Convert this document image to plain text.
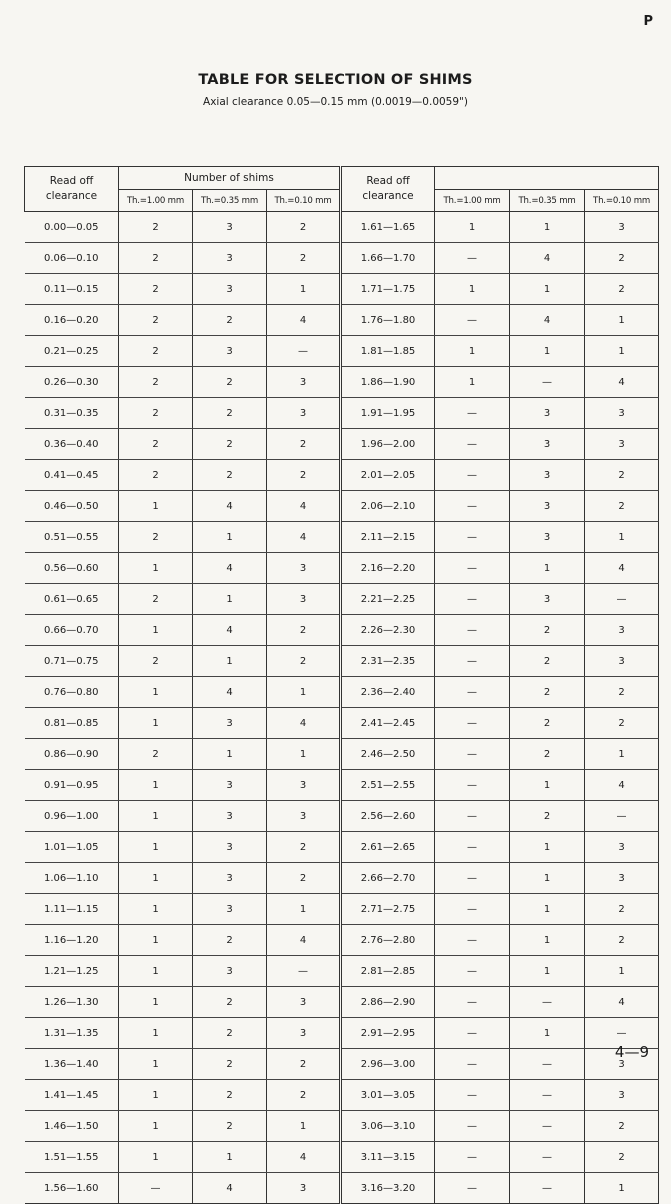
P
TABLE FOR SELECTION OF SHIMS
Axial clearance 0.05—0.15 mm (0.0019—0.0059")
Read off
clearance	Number of shims			Read off
clearance			
	Th.=1.00 mm	Th.=0.35 mm	Th.=0.10 mm		Th.=1.00 mm	Th.=0.35 mm	Th.=0.10 mm
0.00—0.05	2	3	2	1.61—1.65	1	1	3
0.06—0.10	2	3	2	1.66—1.70	—	4	2
0.11—0.15	2	3	1	1.71—1.75	1	1	2
0.16—0.20	2	2	4	1.76—1.80	—	4	1
0.21—0.25	2	3	—	1.81—1.85	1	1	1
0.26—0.30	2	2	3	1.86—1.90	1	—	4
0.31—0.35	2	2	3	1.91—1.95	—	3	3
0.36—0.40	2	2	2	1.96—2.00	—	3	3
0.41—0.45	2	2	2	2.01—2.05	—	3	2
0.46—0.50	1	4	4	2.06—2.10	—	3	2
0.51—0.55	2	1	4	2.11—2.15	—	3	1
0.56—0.60	1	4	3	2.16—2.20	—	1	4
0.61—0.65	2	1	3	2.21—2.25	—	3	—
0.66—0.70	1	4	2	2.26—2.30	—	2	3
0.71—0.75	2	1	2	2.31—2.35	—	2	3
0.76—0.80	1	4	1	2.36—2.40	—	2	2
0.81—0.85	1	3	4	2.41—2.45	—	2	2
0.86—0.90	2	1	1	2.46—2.50	—	2	1
0.91—0.95	1	3	3	2.51—2.55	—	1	4
0.96—1.00	1	3	3	2.56—2.60	—	2	—
1.01—1.05	1	3	2	2.61—2.65	—	1	3
1.06—1.10	1	3	2	2.66—2.70	—	1	3
1.11—1.15	1	3	1	2.71—2.75	—	1	2
1.16—1.20	1	2	4	2.76—2.80	—	1	2
1.21—1.25	1	3	—	2.81—2.85	—	1	1
1.26—1.30	1	2	3	2.86—2.90	—	—	4
1.31—1.35	1	2	3	2.91—2.95	—	1	—
1.36—1.40	1	2	2	2.96—3.00	—	—	3
1.41—1.45	1	2	2	3.01—3.05	—	—	3
1.46—1.50	1	2	1	3.06—3.10	—	—	2
1.51—1.55	1	1	4	3.11—3.15	—	—	2
1.56—1.60	—	4	3	3.16—3.20	—	—	1
4—9
